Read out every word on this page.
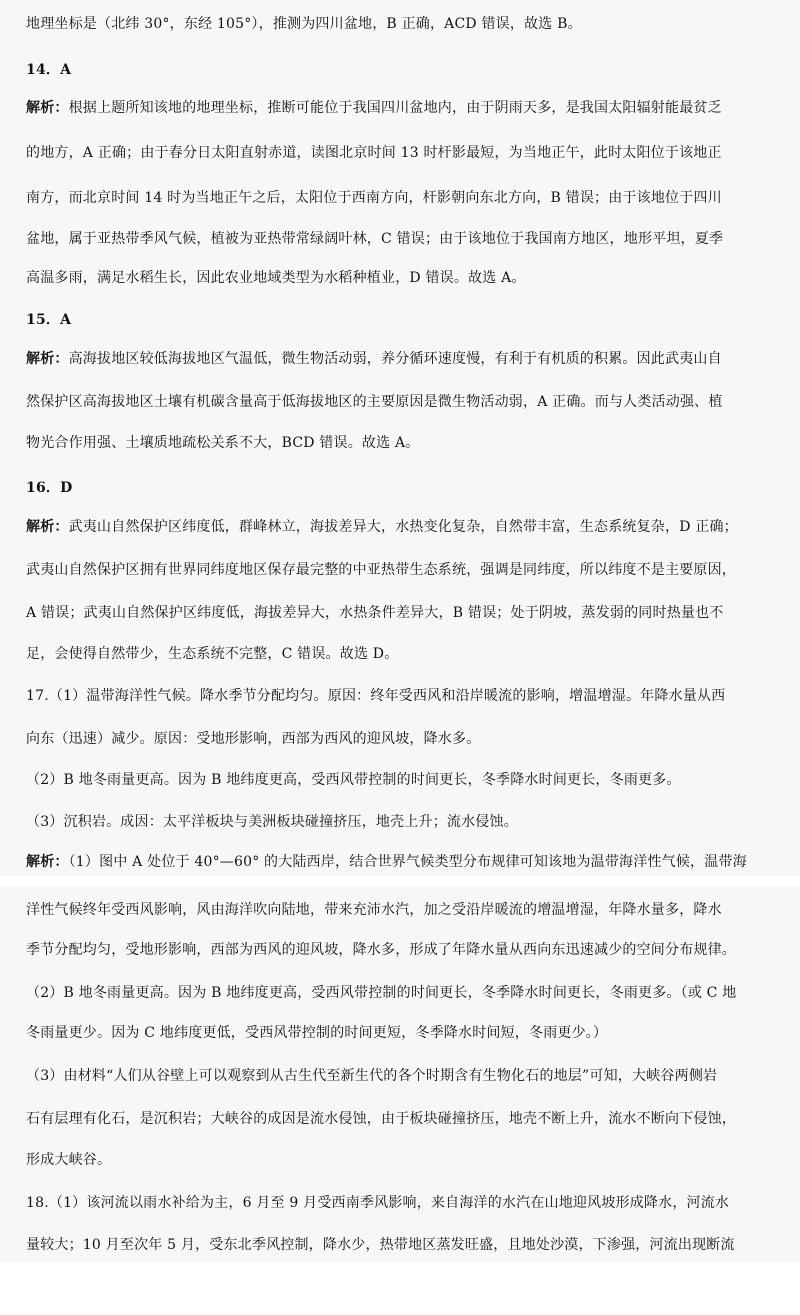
地理坐标是（北纬 30°，东经 105°），推测为四川盆地，B 正确，ACD 错误，故选 B。
14．A
解析：根据上题所知该地的地理坐标，推断可能位于我国四川盆地内，由于阴雨天多，是我国太阳辐射能最贫乏
的地方，A 正确；由于春分日太阳直射赤道，读图北京时间 13 时杆影最短，为当地正午，此时太阳位于该地正
南方，而北京时间 14 时为当地正午之后，太阳位于西南方向，杆影朝向东北方向，B 错误；由于该地位于四川
盆地，属于亚热带季风气候，植被为亚热带常绿阔叶林，C 错误；由于该地位于我国南方地区，地形平坦，夏季
高温多雨，满足水稻生长，因此农业地域类型为水稻种植业，D 错误。故选 A。
15．A
解析：高海拔地区较低海拔地区气温低，微生物活动弱，养分循环速度慢，有利于有机质的积累。因此武夷山自
然保护区高海拔地区土壤有机碳含量高于低海拔地区的主要原因是微生物活动弱，A 正确。而与人类活动强、植
物光合作用强、土壤质地疏松关系不大，BCD 错误。故选 A。
16．D
解析：武夷山自然保护区纬度低，群峰林立，海拔差异大，水热变化复杂，自然带丰富，生态系统复杂，D 正确；
武夷山自然保护区拥有世界同纬度地区保存最完整的中亚热带生态系统，强调是同纬度，所以纬度不是主要原因，
A 错误；武夷山自然保护区纬度低，海拔差异大，水热条件差异大，B 错误；处于阴坡，蒸发弱的同时热量也不
足，会使得自然带少，生态系统不完整，C 错误。故选 D。
17.（1）温带海洋性气候。降水季节分配均匀。原因：终年受西风和沿岸暖流的影响，增温增湿。年降水量从西
向东（迅速）减少。原因：受地形影响，西部为西风的迎风坡，降水多。
（2）B 地冬雨量更高。因为 B 地纬度更高，受西风带控制的时间更长，冬季降水时间更长，冬雨更多。
（3）沉积岩。成因：太平洋板块与美洲板块碰撞挤压，地壳上升；流水侵蚀。
解析：（1）图中 A 处位于 40°—60° 的大陆西岸，结合世界气候类型分布规律可知该地为温带海洋性气候，温带海
洋性气候终年受西风影响，风由海洋吹向陆地，带来充沛水汽，加之受沿岸暖流的增温增湿，年降水量多，降水
季节分配均匀，受地形影响，西部为西风的迎风坡，降水多，形成了年降水量从西向东迅速减少的空间分布规律。
（2）B 地冬雨量更高。因为 B 地纬度更高，受西风带控制的时间更长，冬季降水时间更长，冬雨更多。（或 C 地
冬雨量更少。因为 C 地纬度更低，受西风带控制的时间更短，冬季降水时间短，冬雨更少。）
（3）由材料“人们从谷壁上可以观察到从古生代至新生代的各个时期含有生物化石的地层”可知，大峡谷两侧岩
石有层理有化石，是沉积岩；大峡谷的成因是流水侵蚀，由于板块碰撞挤压，地壳不断上升，流水不断向下侵蚀，
形成大峡谷。
18.（1）该河流以雨水补给为主，6 月至 9 月受西南季风影响，来自海洋的水汽在山地迎风坡形成降水，河流水
量较大；10 月至次年 5 月，受东北季风控制，降水少，热带地区蒸发旺盛，且地处沙漠，下渗强，河流出现断流
